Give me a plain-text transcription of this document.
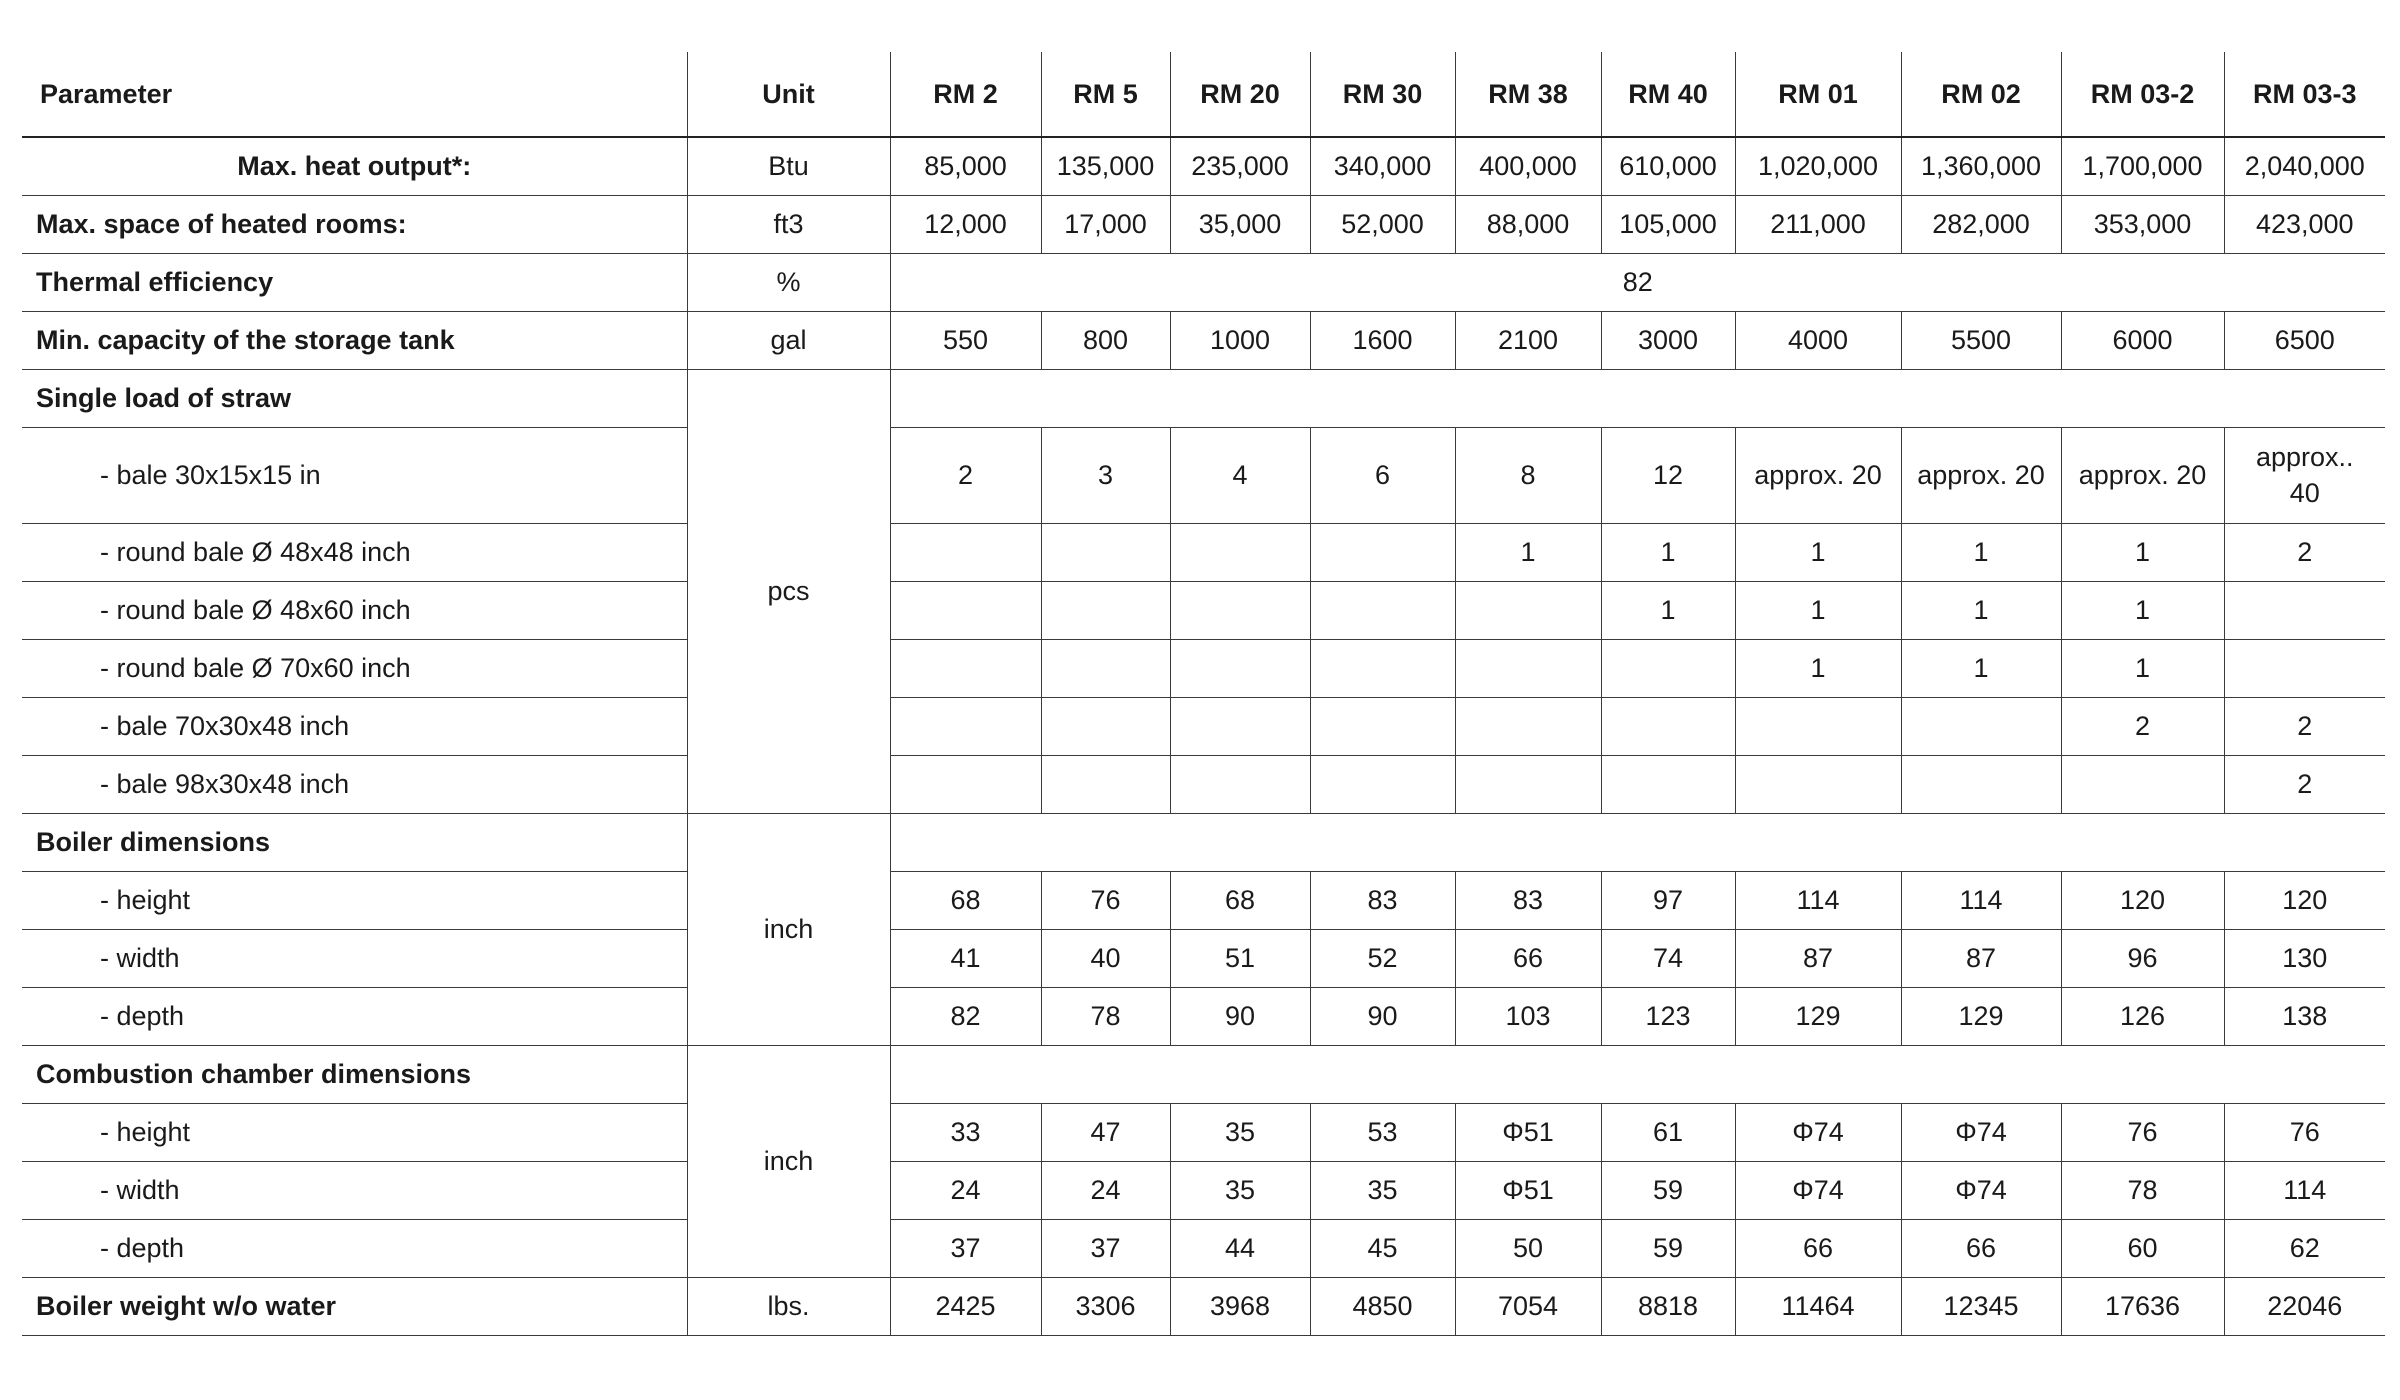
Parameter	Unit	RM 2	RM 5	RM 20	RM 30	RM 38	RM 40	RM 01	RM 02	RM 03-2	RM 03-3
Max. heat output*:	Btu	85,000	135,000	235,000	340,000	400,000	610,000	1,020,000	1,360,000	1,700,000	2,040,000
Max. space of heated rooms:	ft3	12,000	17,000	35,000	52,000	88,000	105,000	211,000	282,000	353,000	423,000
Thermal efficiency	%	82									
Min. capacity of the storage tank	gal	550	800	1000	1600	2100	3000	4000	5500	6000	6500
Single load of straw	pcs										
- bale 30x15x15 in		2	3	4	6	8	12	approx. 20	approx. 20	approx. 20	approx.. 40
- round bale Ø 48x48 inch						1	1	1	1	1	2
- round bale Ø 48x60 inch							1	1	1	1	
- round bale Ø 70x60 inch								1	1	1	
- bale 70x30x48 inch										2	2
- bale 98x30x48 inch											2
Boiler dimensions	inch										
- height		68	76	68	83	83	97	114	114	120	120
- width		41	40	51	52	66	74	87	87	96	130
- depth		82	78	90	90	103	123	129	129	126	138
Combustion chamber dimensions	inch										
- height		33	47	35	53	Φ51	61	Φ74	Φ74	76	76
- width		24	24	35	35	Φ51	59	Φ74	Φ74	78	114
- depth		37	37	44	45	50	59	66	66	60	62
Boiler weight w/o water	lbs.	2425	3306	3968	4850	7054	8818	11464	12345	17636	22046
